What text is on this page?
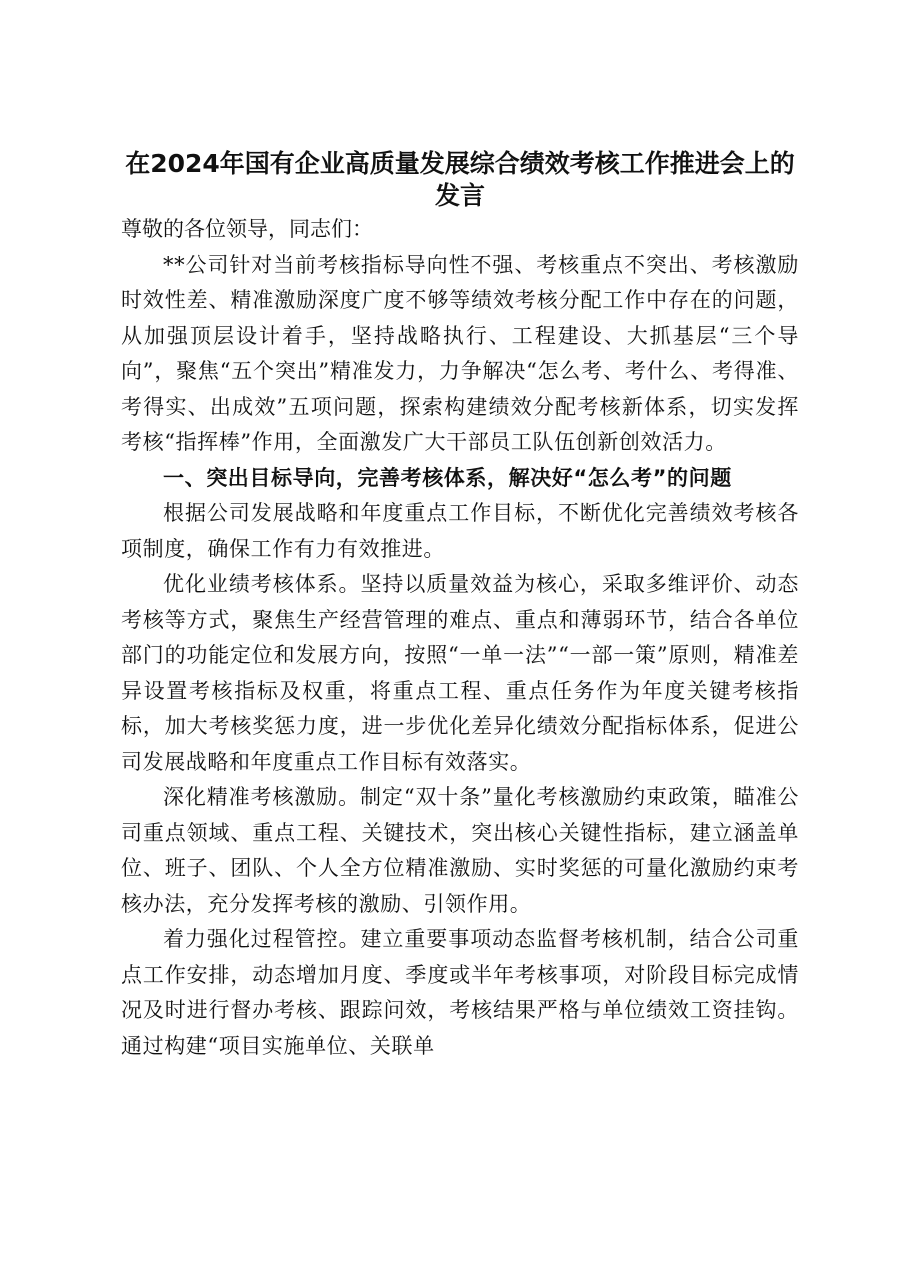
在2024年国有企业高质量发展综合绩效考核工作推进会上的发言

尊敬的各位领导，同志们：

**公司针对当前考核指标导向性不强、考核重点不突出、考核激励时效性差、精准激励深度广度不够等绩效考核分配工作中存在的问题，从加强顶层设计着手，坚持战略执行、工程建设、大抓基层“三个导向”，聚焦“五个突出”精准发力，力争解决“怎么考、考什么、考得准、考得实、出成效”五项问题，探索构建绩效分配考核新体系，切实发挥考核“指挥棒”作用，全面激发广大干部员工队伍创新创效活力。

一、突出目标导向，完善考核体系，解决好“怎么考”的问题

根据公司发展战略和年度重点工作目标，不断优化完善绩效考核各项制度，确保工作有力有效推进。

优化业绩考核体系。坚持以质量效益为核心，采取多维评价、动态考核等方式，聚焦生产经营管理的难点、重点和薄弱环节，结合各单位部门的功能定位和发展方向，按照“一单一法”“一部一策”原则，精准差异设置考核指标及权重，将重点工程、重点任务作为年度关键考核指标，加大考核奖惩力度，进一步优化差异化绩效分配指标体系，促进公司发展战略和年度重点工作目标有效落实。

深化精准考核激励。制定“双十条”量化考核激励约束政策，瞄准公司重点领域、重点工程、关键技术，突出核心关键性指标，建立涵盖单位、班子、团队、个人全方位精准激励、实时奖惩的可量化激励约束考核办法，充分发挥考核的激励、引领作用。

着力强化过程管控。建立重要事项动态监督考核机制，结合公司重点工作安排，动态增加月度、季度或半年考核事项，对阶段目标完成情况及时进行督办考核、跟踪问效，考核结果严格与单位绩效工资挂钩。通过构建“项目实施单位、关联单
